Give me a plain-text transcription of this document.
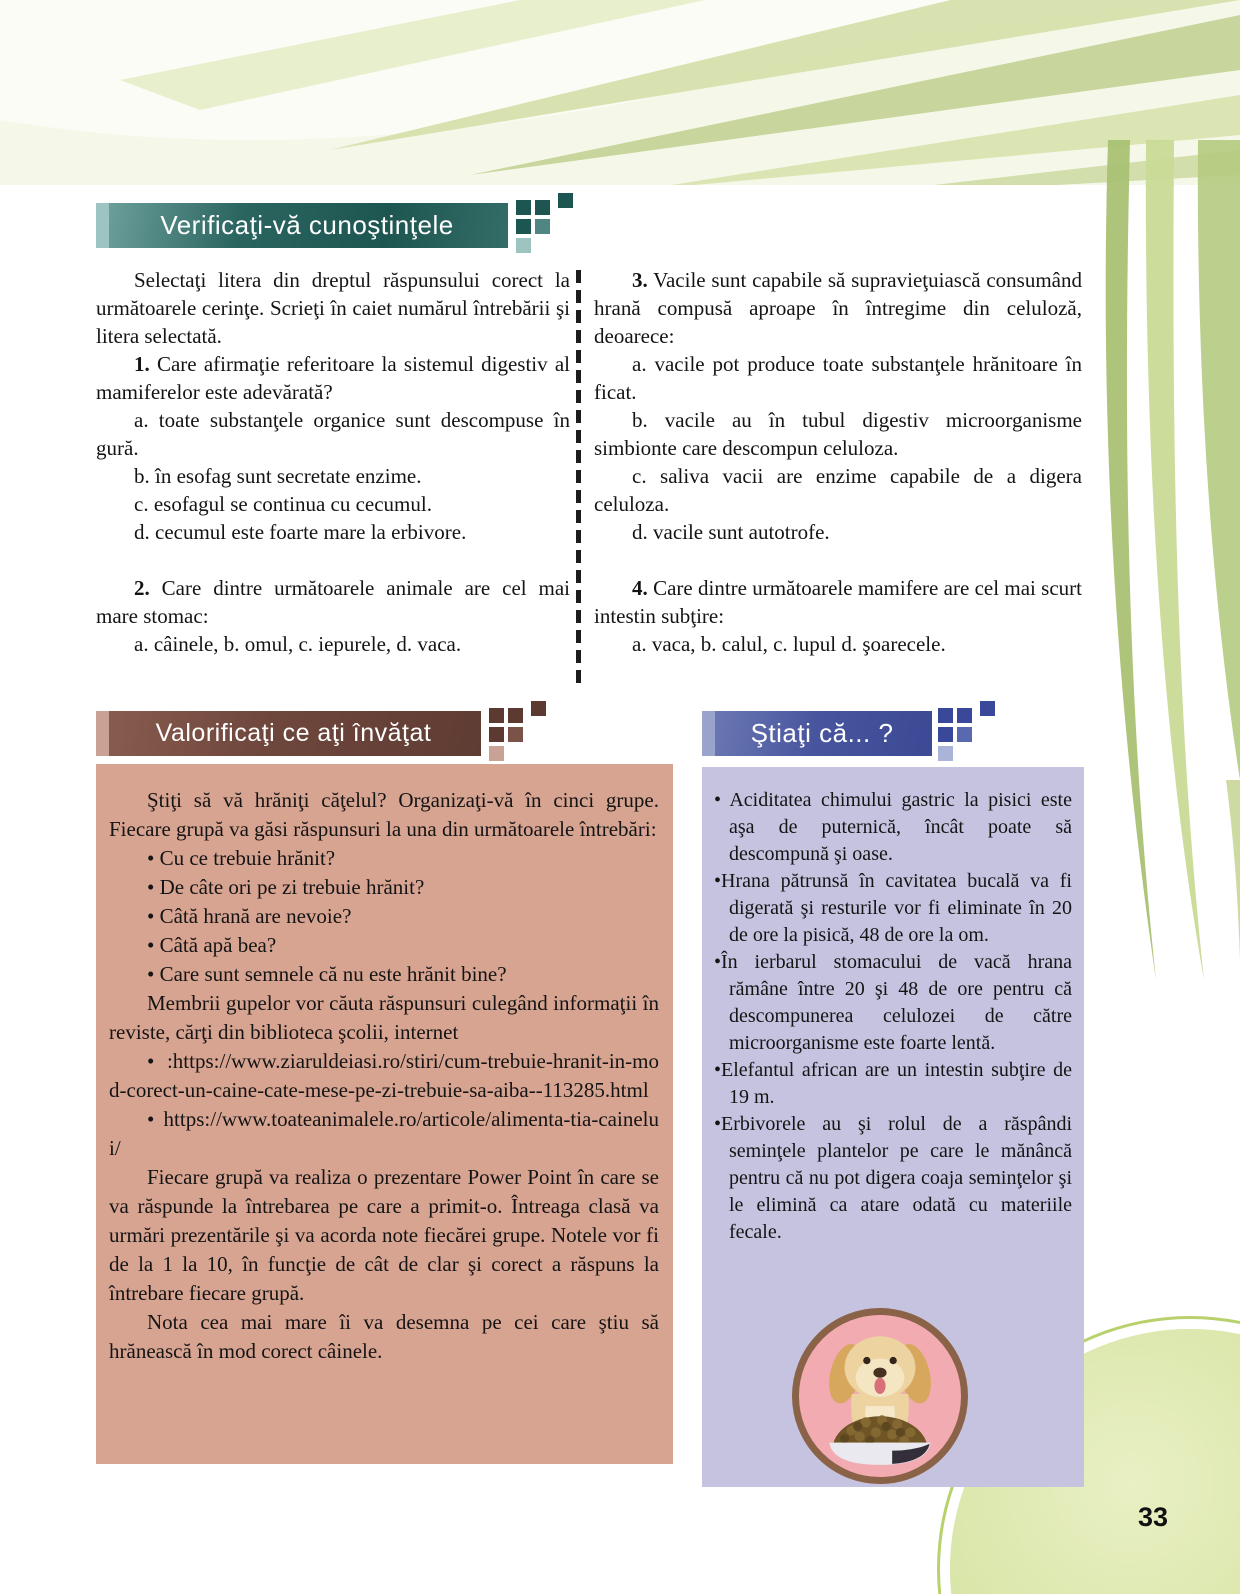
33
Verificaţi-vă cunoştinţele

Selectaţi litera din dreptul răspunsului corect la următoarele cerinţe. Scrieţi în caiet numărul întrebării şi litera selectată.

1. Care afirmaţie referitoare la sistemul digestiv al mamiferelor este adevărată?

a. toate substanţele organice sunt descompuse în gură.

b. în esofag sunt secretate enzime.

c. esofagul se continua cu cecumul.

d. cecumul este foarte mare la erbivore.

2. Care dintre următoarele animale are cel mai mare stomac:

a. câinele, b. omul, c. iepurele, d. vaca.

3. Vacile sunt capabile să supravieţuiască consumând hrană compusă aproape în întregime din celuloză, deoarece:

a. vacile pot produce toate substanţele hrănitoare în ficat.

b. vacile au în tubul digestiv microorganisme simbionte care descompun celuloza.

c. saliva vacii are enzime capabile de a digera celuloza.

d. vacile sunt autotrofe.

4. Care dintre următoarele mamifere are cel mai scurt intestin subţire:

a. vaca, b. calul, c. lupul d. şoarecele.

Valorificaţi ce aţi învăţat

Ştiţi să vă hrăniţi căţelul? Organizaţi-vă în cinci grupe. Fiecare grupă va găsi răspunsuri la una din următoarele întrebări:

• Cu ce trebuie hrănit?

• De câte ori pe zi trebuie hrănit?

• Câtă hrană are nevoie?

• Câtă apă bea?

• Care sunt semnele că nu este hrănit bine?

Membrii gupelor vor căuta răspunsuri culegând informaţii în reviste, cărţi din biblioteca şcolii, internet

• :https://www.ziaruldeiasi.ro/stiri/cum-trebuie-hranit-in-mod-corect-un-caine-cate-mese-pe-zi-trebuie-sa-aiba--113285.html

• https://www.toateanimalele.ro/articole/alimenta-tia-cainelui/

Fiecare grupă va realiza o prezentare Power Point în care se va răspunde la întrebarea pe care a primit-o. Întreaga clasă va urmări prezentările şi va acorda note fiecărei grupe. Notele vor fi de la 1 la 10, în funcţie de cât de clar şi corect a răspuns la întrebare fiecare grupă.

Nota cea mai mare îi va desemna pe cei care ştiu să hrănească în mod corect câinele.

Ştiaţi că... ?

• Aciditatea chimului gastric la pisici este aşa de puternică, încât poate să descompună şi oase.

•Hrana pătrunsă în cavitatea bucală va fi digerată şi resturile vor fi eliminate în 20 de ore la pisică, 48 de ore la om.

•În ierbarul stomacului de vacă hrana rămâne între 20 şi 48 de ore pentru că descompunerea celulozei de către microorganisme este foarte lentă.

•Elefantul african are un intestin subţire de 19 m.

•Erbivorele au şi rolul de a răspândi seminţele plantelor pe care le mănâncă pentru că nu pot digera coaja seminţelor şi le elimină ca atare odată cu materiile fecale.
